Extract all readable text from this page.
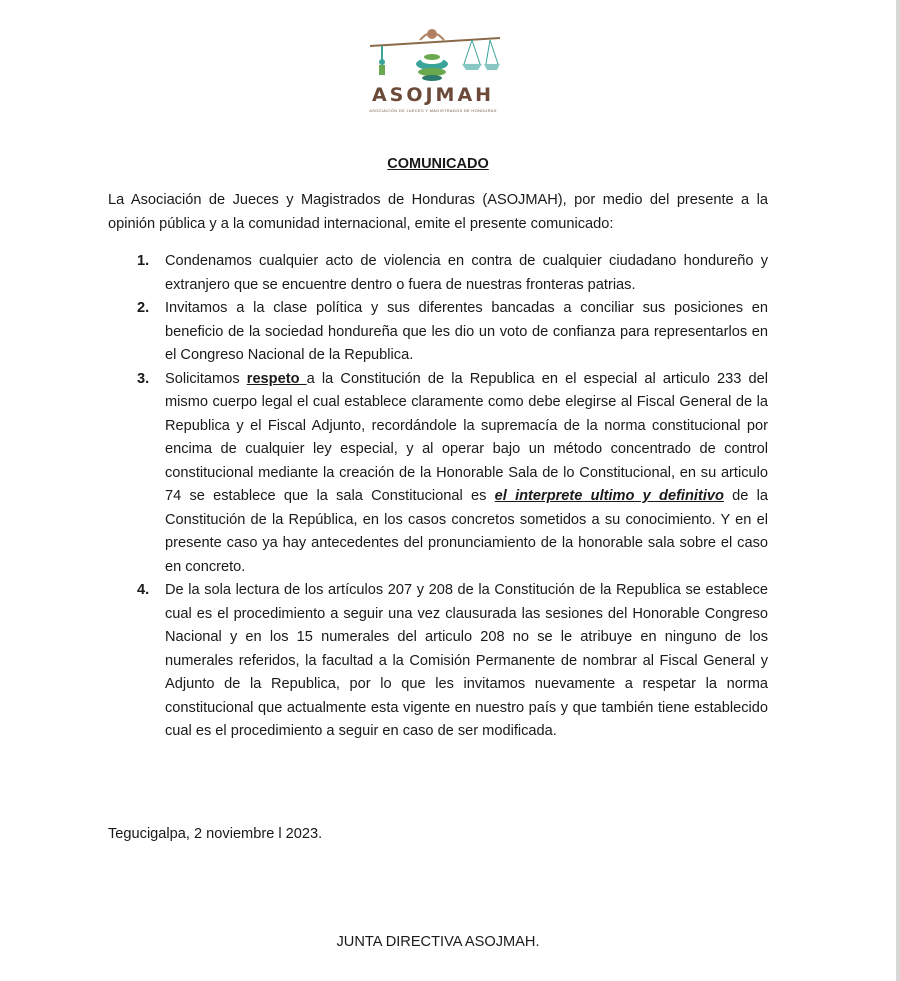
ASOJMAH
ASOCIACIÓN DE JUECES Y MAGISTRADOS DE HONDURAS
COMUNICADO
La Asociación de Jueces y Magistrados de Honduras (ASOJMAH), por medio del presente a la opinión pública y a la comunidad internacional, emite el presente comunicado:
1. Condenamos cualquier acto de violencia en contra de cualquier ciudadano hondureño y extranjero que se encuentre dentro o fuera de nuestras fronteras patrias.
2. Invitamos a la clase política y sus diferentes bancadas a conciliar sus posiciones en beneficio de la sociedad hondureña que les dio un voto de confianza para representarlos en el Congreso Nacional de la Republica.
3. Solicitamos respeto a la Constitución de la Republica en el especial al articulo 233 del mismo cuerpo legal el cual establece claramente como debe elegirse al Fiscal General de la Republica y el Fiscal Adjunto, recordándole la supremacía de la norma constitucional por encima de cualquier ley especial, y al operar bajo un método concentrado de control constitucional mediante la creación de la Honorable Sala de lo Constitucional, en su articulo 74 se establece que la sala Constitucional es el interprete ultimo y definitivo de la Constitución de la República, en los casos concretos sometidos a su conocimiento. Y en el presente caso ya hay antecedentes del pronunciamiento de la honorable sala sobre el caso en concreto.
4. De la sola lectura de los artículos 207 y 208 de la Constitución de la Republica se establece cual es el procedimiento a seguir una vez clausurada las sesiones del Honorable Congreso Nacional y en los 15 numerales del articulo 208 no se le atribuye en ninguno de los numerales referidos, la facultad a la Comisión Permanente de nombrar al Fiscal General y Adjunto de la Republica, por lo que les invitamos nuevamente a respetar la norma constitucional que actualmente esta vigente en nuestro país y que también tiene establecido cual es el procedimiento a seguir en caso de ser modificada.
Tegucigalpa, 2 noviembre l 2023.
JUNTA DIRECTIVA ASOJMAH.
